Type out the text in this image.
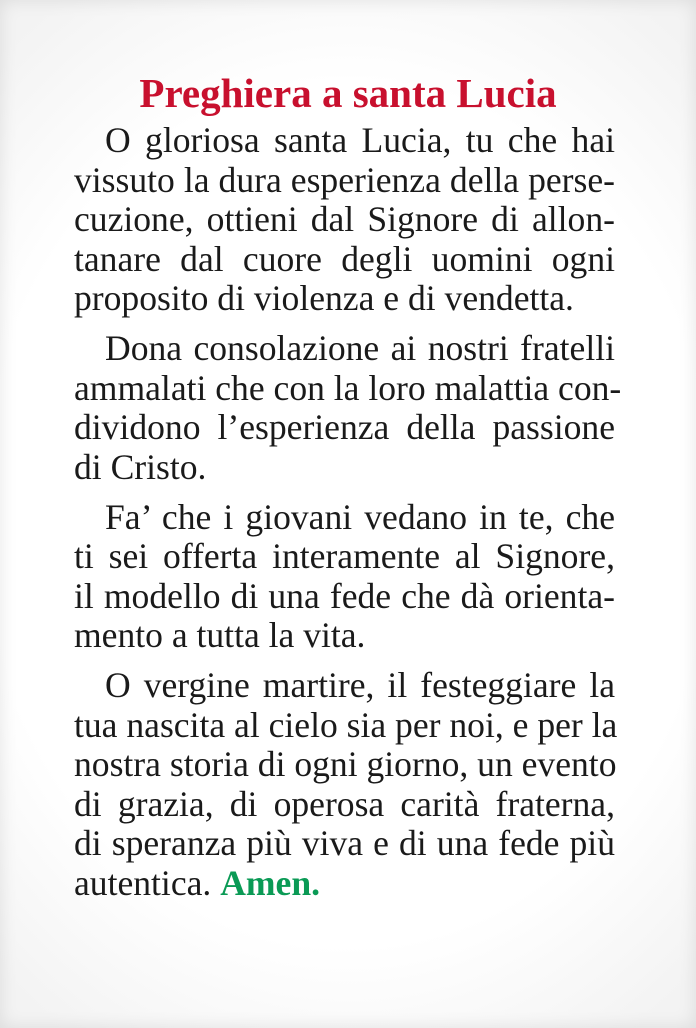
Preghiera a santa Lucia

O gloriosa santa Lucia, tu che hai
vissuto la dura esperienza della perse-
cuzione, ottieni dal Signore di allon-
tanare dal cuore degli uomini ogni
proposito di violenza e di vendetta.

Dona consolazione ai nostri fratelli
ammalati che con la loro malattia con-
dividono l’esperienza della passione
di Cristo.

Fa’ che i giovani vedano in te, che
ti sei offerta interamente al Signore,
il modello di una fede che dà orienta-
mento a tutta la vita.

O vergine martire, il festeggiare la
tua nascita al cielo sia per noi, e per la
nostra storia di ogni giorno, un evento
di grazia, di operosa carità fraterna,
di speranza più viva e di una fede più
autentica. Amen.
